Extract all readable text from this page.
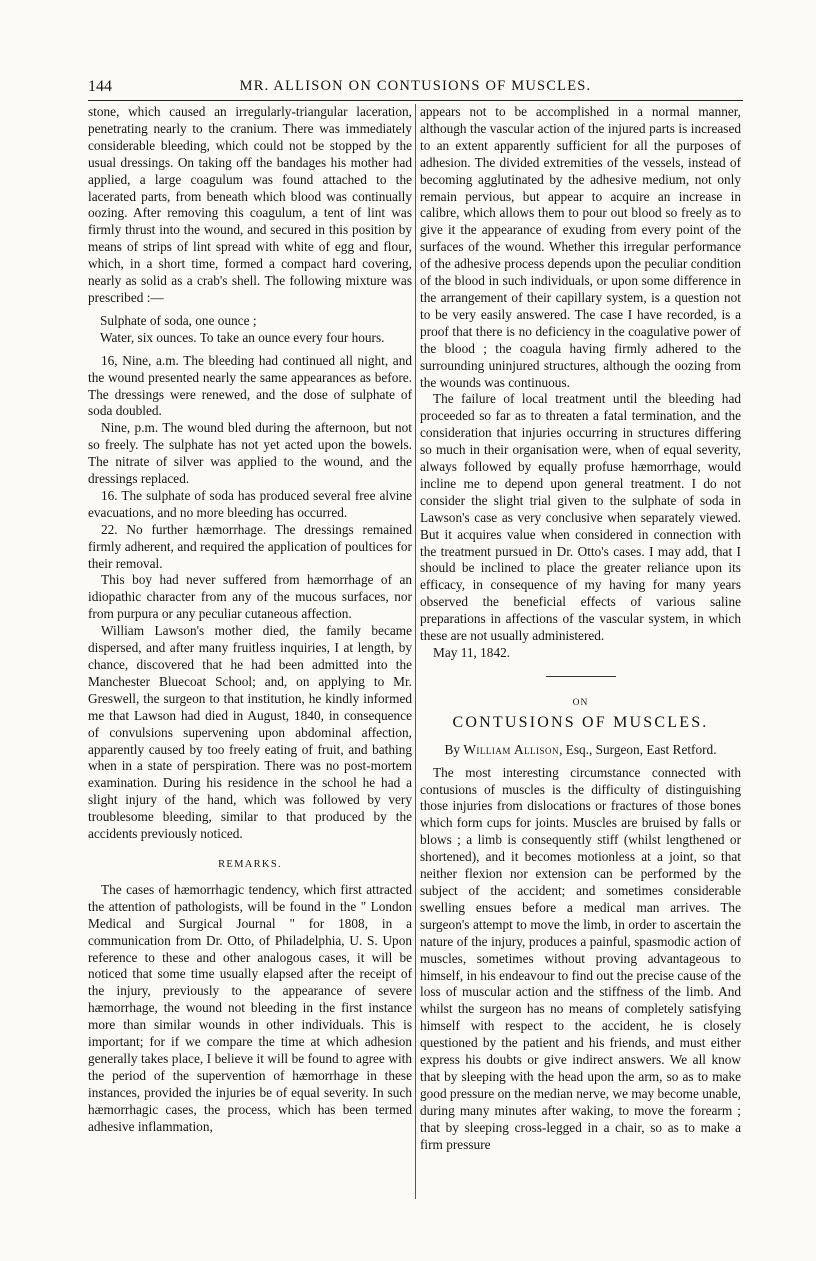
144	MR. ALLISON ON CONTUSIONS OF MUSCLES.

stone, which caused an irregularly-triangular laceration, penetrating nearly to the cranium. There was immediately considerable bleeding, which could not be stopped by the usual dressings. On taking off the bandages his mother had applied, a large coagulum was found attached to the lacerated parts, from beneath which blood was continually oozing. After removing this coagulum, a tent of lint was firmly thrust into the wound, and secured in this position by means of strips of lint spread with white of egg and flour, which, in a short time, formed a compact hard covering, nearly as solid as a crab's shell. The following mixture was prescribed :—

Sulphate of soda, one ounce ;
Water, six ounces. To take an ounce every four hours.

16, Nine, a.m. The bleeding had continued all night, and the wound presented nearly the same appearances as before. The dressings were renewed, and the dose of sulphate of soda doubled.

Nine, p.m. The wound bled during the afternoon, but not so freely. The sulphate has not yet acted upon the bowels. The nitrate of silver was applied to the wound, and the dressings replaced.

16. The sulphate of soda has produced several free alvine evacuations, and no more bleeding has occurred.

22. No further hæmorrhage. The dressings remained firmly adherent, and required the application of poultices for their removal.

This boy had never suffered from hæmorrhage of an idiopathic character from any of the mucous surfaces, nor from purpura or any peculiar cutaneous affection.

William Lawson's mother died, the family became dispersed, and after many fruitless inquiries, I at length, by chance, discovered that he had been admitted into the Manchester Bluecoat School; and, on applying to Mr. Greswell, the surgeon to that institution, he kindly informed me that Lawson had died in August, 1840, in consequence of convulsions supervening upon abdominal affection, apparently caused by too freely eating of fruit, and bathing when in a state of perspiration. There was no post-mortem examination. During his residence in the school he had a slight injury of the hand, which was followed by very troublesome bleeding, similar to that produced by the accidents previously noticed.

REMARKS.

The cases of hæmorrhagic tendency, which first attracted the attention of pathologists, will be found in the " London Medical and Surgical Journal " for 1808, in a communication from Dr. Otto, of Philadelphia, U. S. Upon reference to these and other analogous cases, it will be noticed that some time usually elapsed after the receipt of the injury, previously to the appearance of severe hæmorrhage, the wound not bleeding in the first instance more than similar wounds in other individuals. This is important; for if we compare the time at which adhesion generally takes place, I believe it will be found to agree with the period of the supervention of hæmorrhage in these instances, provided the injuries be of equal severity. In such hæmorrhagic cases, the process, which has been termed adhesive inflammation,

appears not to be accomplished in a normal manner, although the vascular action of the injured parts is increased to an extent apparently sufficient for all the purposes of adhesion. The divided extremities of the vessels, instead of becoming agglutinated by the adhesive medium, not only remain pervious, but appear to acquire an increase in calibre, which allows them to pour out blood so freely as to give it the appearance of exuding from every point of the surfaces of the wound. Whether this irregular performance of the adhesive process depends upon the peculiar condition of the blood in such individuals, or upon some difference in the arrangement of their capillary system, is a question not to be very easily answered. The case I have recorded, is a proof that there is no deficiency in the coagulative power of the blood ; the coagula having firmly adhered to the surrounding uninjured structures, although the oozing from the wounds was continuous.

The failure of local treatment until the bleeding had proceeded so far as to threaten a fatal termination, and the consideration that injuries occurring in structures differing so much in their organisation were, when of equal severity, always followed by equally profuse hæmorrhage, would incline me to depend upon general treatment. I do not consider the slight trial given to the sulphate of soda in Lawson's case as very conclusive when separately viewed. But it acquires value when considered in connection with the treatment pursued in Dr. Otto's cases. I may add, that I should be inclined to place the greater reliance upon its efficacy, in consequence of my having for many years observed the beneficial effects of various saline preparations in affections of the vascular system, in which these are not usually administered.

May 11, 1842.

ON
CONTUSIONS OF MUSCLES.
By William Allison, Esq., Surgeon, East Retford.

The most interesting circumstance connected with contusions of muscles is the difficulty of distinguishing those injuries from dislocations or fractures of those bones which form cups for joints. Muscles are bruised by falls or blows ; a limb is consequently stiff (whilst lengthened or shortened), and it becomes motionless at a joint, so that neither flexion nor extension can be performed by the subject of the accident; and sometimes considerable swelling ensues before a medical man arrives. The surgeon's attempt to move the limb, in order to ascertain the nature of the injury, produces a painful, spasmodic action of muscles, sometimes without proving advantageous to himself, in his endeavour to find out the precise cause of the loss of muscular action and the stiffness of the limb. And whilst the surgeon has no means of completely satisfying himself with respect to the accident, he is closely questioned by the patient and his friends, and must either express his doubts or give indirect answers. We all know that by sleeping with the head upon the arm, so as to make good pressure on the median nerve, we may become unable, during many minutes after waking, to move the forearm ; that by sleeping cross-legged in a chair, so as to make a firm pressure
